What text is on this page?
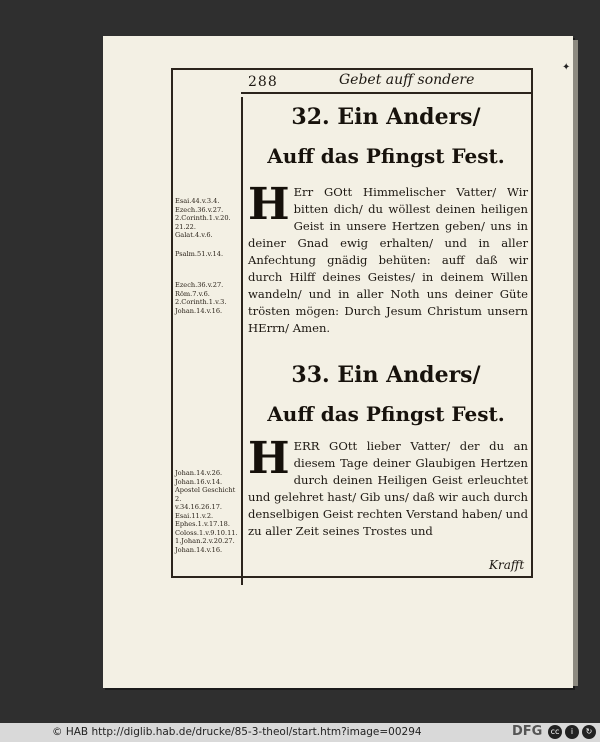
✦
288	Gebet auff sondere
32. Ein Anders/
Auff das Pfingst Fest.
H Err GOtt Himmelischer Vatter/ Wir bitten dich/ du wöllest deinen heiligen Geist in unsere Hertzen geben/ uns in deiner Gnad ewig erhalten/ und in aller Anfechtung gnädig behüten: auff daß wir durch Hilff deines Geistes/ in deinem Willen wandeln/ und in aller Noth uns deiner Güte trösten mögen: Durch Jesum Christum unsern HErrn/ Amen.
Esai.44.v.3.4.
Ezech.36.v.27.
2.Corinth.1.v.20.
21.22.
Galat.4.v.6.
Psalm.51.v.14.
Ezech.36.v.27.
Röm.7.v.6.
2.Corinth.1.v.3.
Johan.14.v.16.
33. Ein Anders/
Auff das Pfingst Fest.
HERR GOtt lieber Vatter/ der du an diesem Tage deiner Glaubigen Hertzen durch deinen Heiligen Geist erleuchtet und gelehret hast/ Gib uns/ daß wir auch durch denselbigen Geist rechten Verstand haben/ und zu aller Zeit seines Trostes und
Johan.14.v.26.
Johan.16.v.14.
Apostel Geschicht 2.
v.34.16.26.17.
Esai.11.v.2.
Ephes.1.v.17.18.
Coloss.1.v.9.10.11.
1.Johan.2.v.20.27.
Johan.14.v.16.
Krafft
© HAB http://diglib.hab.de/drucke/85-3-theol/start.htm?image=00294	DFG	cc	i	↻
